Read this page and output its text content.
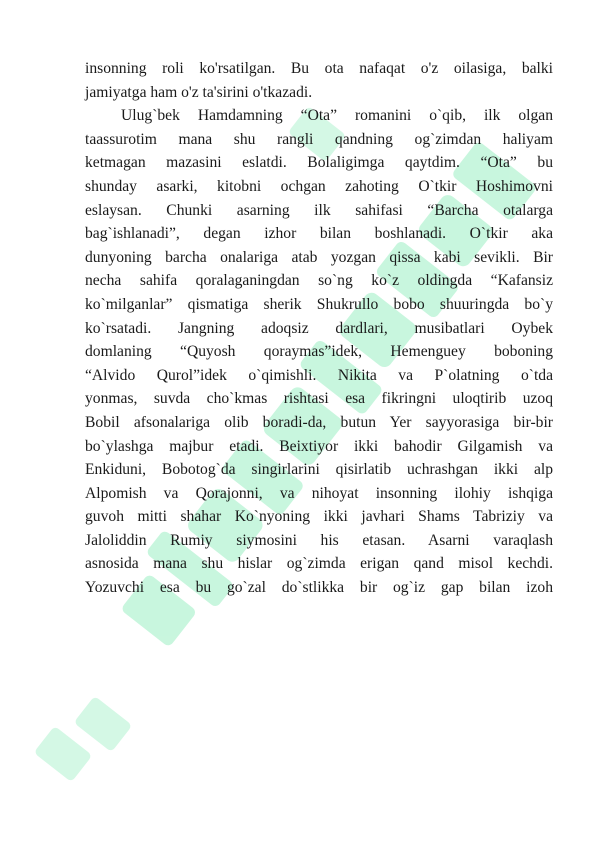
insonning roli ko'rsatilgan. Bu ota nafaqat o'z oilasiga, balki
jamiyatga ham o'z ta'sirini o'tkazadi.
Ulug`bek Hamdamning “Ota” romanini o`qib, ilk olgan
taassurotim mana shu rangli qandning og`zimdan haliyam
ketmagan mazasini eslatdi. Bolaligimga qaytdim. “Ota” bu
shunday asarki, kitobni ochgan zahoting O`tkir Hoshimovni
eslaysan. Chunki asarning ilk sahifasi “Barcha otalarga
bag`ishlanadi”, degan izhor bilan boshlanadi. O`tkir aka
dunyoning barcha onalariga atab yozgan qissa kabi sevikli. Bir
necha sahifa qoralaganingdan so`ng ko`z oldingda “Kafansiz
ko`milganlar” qismatiga sherik Shukrullo bobo shuuringda bo`y
ko`rsatadi. Jangning adoqsiz dardlari, musibatlari Oybek
domlaning “Quyosh qoraymas”idek, Hemenguey boboning
“Alvido Qurol”idek o`qimishli. Nikita va P`olatning o`tda
yonmas, suvda cho`kmas rishtasi esa fikringni uloqtirib uzoq
Bobil afsonalariga olib boradi-da, butun Yer sayyorasiga bir-bir
bo`ylashga majbur etadi. Beixtiyor ikki bahodir Gilgamish va
Enkiduni, Bobotog`da singirlarini qisirlatib uchrashgan ikki alp
Alpomish va Qorajonni, va nihoyat insonning ilohiy ishqiga
guvoh mitti shahar Ko`nyoning ikki javhari Shams Tabriziy va
Jaloliddin Rumiy siymosini his etasan. Asarni varaqlash
asnosida mana shu hislar og`zimda erigan qand misol kechdi.
Yozuvchi esa bu go`zal do`stlikka bir og`iz gap bilan izoh
